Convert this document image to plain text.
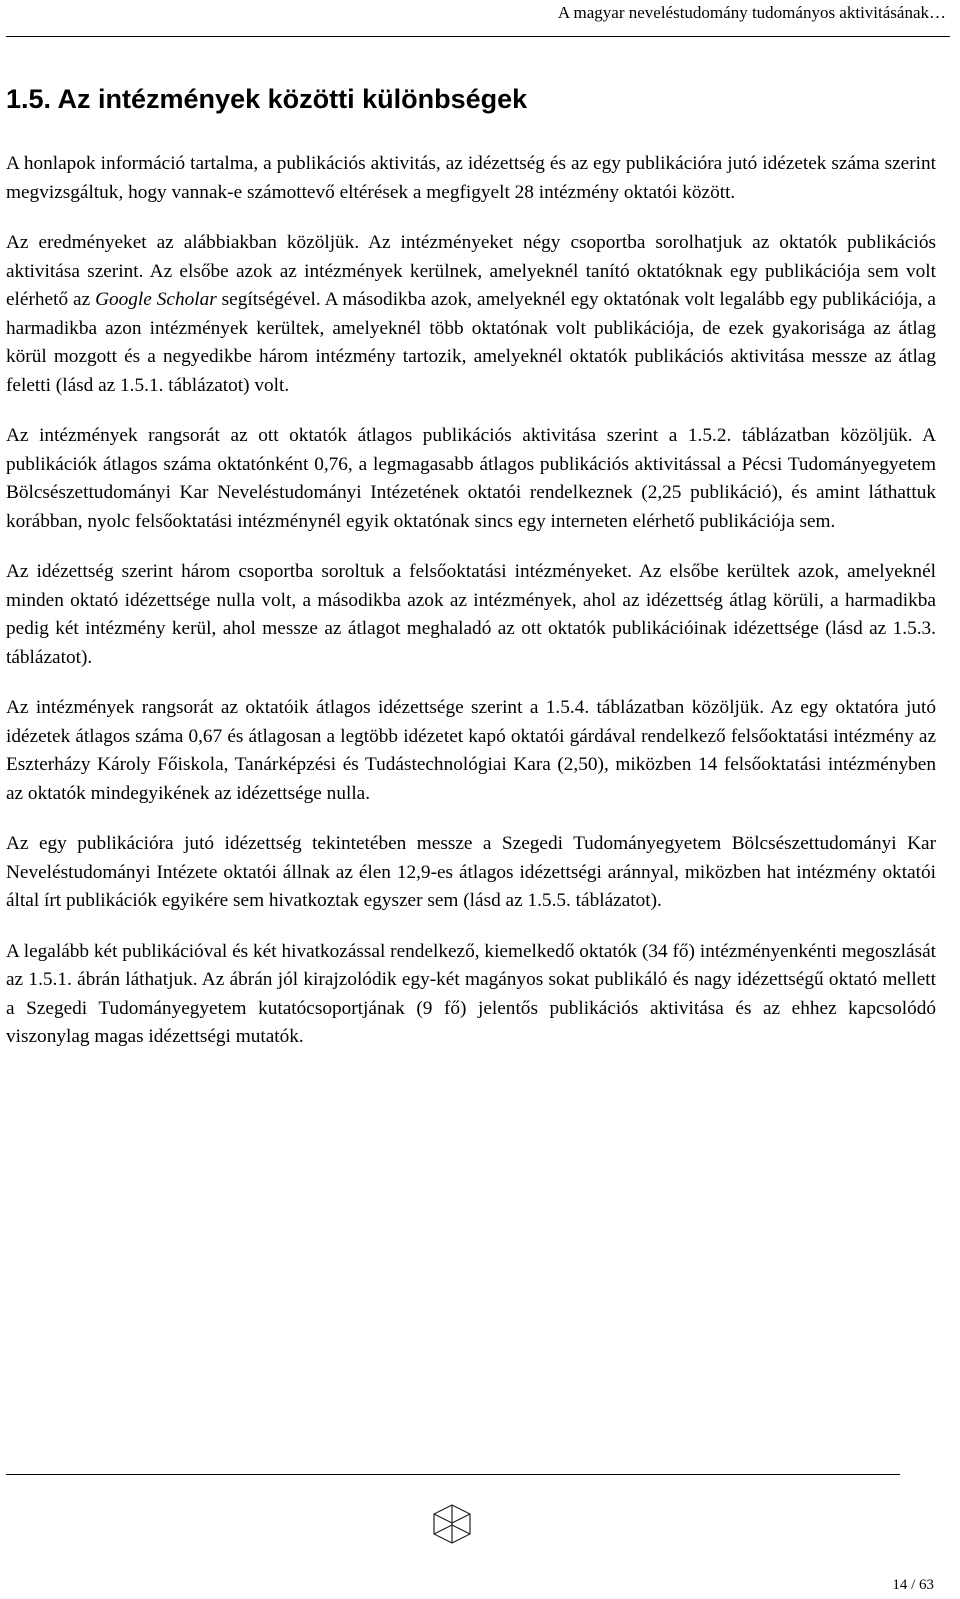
A magyar neveléstudomány tudományos aktivitásának…
1.5. Az intézmények közötti különbségek

A honlapok információ tartalma, a publikációs aktivitás, az idézettség és az egy publikációra jutó idézetek száma szerint megvizsgáltuk, hogy vannak-e számottevő eltérések a megfigyelt 28 intézmény oktatói között.

Az eredményeket az alábbiakban közöljük. Az intézményeket négy csoportba sorolhatjuk az oktatók publikációs aktivitása szerint. Az elsőbe azok az intézmények kerülnek, amelyeknél tanító oktatóknak egy publikációja sem volt elérhető az Google Scholar segítségével. A másodikba azok, amelyeknél egy oktatónak volt legalább egy publikációja, a harmadikba azon intézmények kerültek, amelyeknél több oktatónak volt publikációja, de ezek gyakorisága az átlag körül mozgott és a negyedikbe három intézmény tartozik, amelyeknél oktatók publikációs aktivitása messze az átlag feletti (lásd az 1.5.1. táblázatot) volt.

Az intézmények rangsorát az ott oktatók átlagos publikációs aktivitása szerint a 1.5.2. táblázatban közöljük. A publikációk átlagos száma oktatónként 0,76, a legmagasabb átlagos publikációs aktivitással a Pécsi Tudományegyetem Bölcsészettudományi Kar Neveléstudományi Intézetének oktatói rendelkeznek (2,25 publikáció), és amint láthattuk korábban, nyolc felsőoktatási intézménynél egyik oktatónak sincs egy interneten elérhető publikációja sem.

Az idézettség szerint három csoportba soroltuk a felsőoktatási intézményeket. Az elsőbe kerültek azok, amelyeknél minden oktató idézettsége nulla volt, a másodikba azok az intézmények, ahol az idézettség átlag körüli, a harmadikba pedig két intézmény kerül, ahol messze az átlagot meghaladó az ott oktatók publikációinak idézettsége (lásd az 1.5.3. táblázatot).

Az intézmények rangsorát az oktatóik átlagos idézettsége szerint a 1.5.4. táblázatban közöljük. Az egy oktatóra jutó idézetek átlagos száma 0,67 és átlagosan a legtöbb idézetet kapó oktatói gárdával rendelkező felsőoktatási intézmény az Eszterházy Károly Főiskola, Tanárképzési és Tudástechnológiai Kara (2,50), miközben 14 felsőoktatási intézményben az oktatók mindegyikének az idézettsége nulla.

Az egy publikációra jutó idézettség tekintetében messze a Szegedi Tudományegyetem Bölcsészettudományi Kar Neveléstudományi Intézete oktatói állnak az élen 12,9-es átlagos idézettségi aránnyal, miközben hat intézmény oktatói által írt publikációk egyikére sem hivatkoztak egyszer sem (lásd az 1.5.5. táblázatot).

A legalább két publikációval és két hivatkozással rendelkező, kiemelkedő oktatók (34 fő) intézményenkénti megoszlását az 1.5.1. ábrán láthatjuk. Az ábrán jól kirajzolódik egy-két magányos sokat publikáló és nagy idézettségű oktató mellett a Szegedi Tudományegyetem kutatócsoportjának (9 fő) jelentős publikációs aktivitása és az ehhez kapcsolódó viszonylag magas idézettségi mutatók.

14 / 63
